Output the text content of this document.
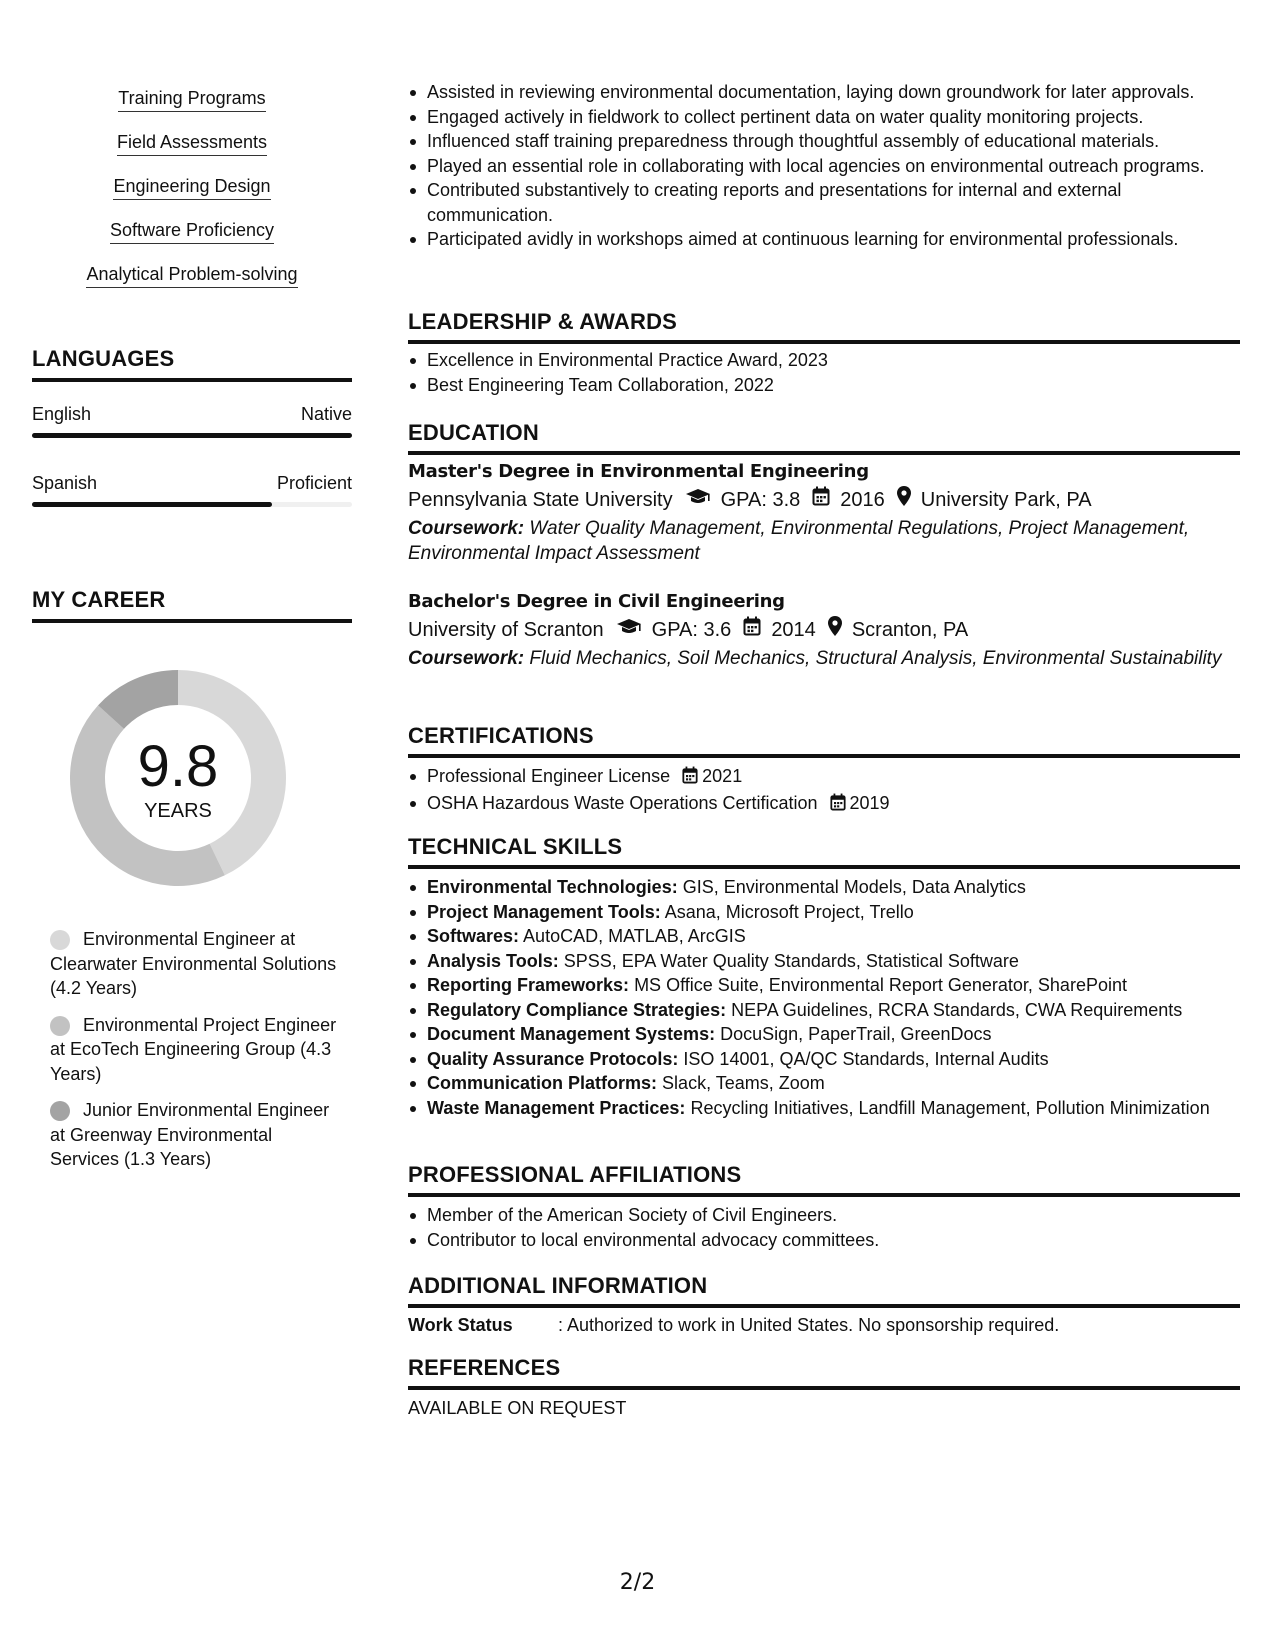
Training Programs
Field Assessments
Engineering Design
Software Proficiency
Analytical Problem-solving
LANGUAGES
English	Native
Spanish	Proficient
MY CAREER
9.8
YEARS
Environmental Engineer at Clearwater Environmental Solutions (4.2 Years)
Environmental Project Engineer at EcoTech Engineering Group (4.3 Years)
Junior Environmental Engineer at Greenway Environmental Services (1.3 Years)
Assisted in reviewing environmental documentation, laying down groundwork for later approvals.
Engaged actively in fieldwork to collect pertinent data on water quality monitoring projects.
Influenced staff training preparedness through thoughtful assembly of educational materials.
Played an essential role in collaborating with local agencies on environmental outreach programs.
Contributed substantively to creating reports and presentations for internal and external communication.
Participated avidly in workshops aimed at continuous learning for environmental professionals.
LEADERSHIP & AWARDS
Excellence in Environmental Practice Award, 2023
Best Engineering Team Collaboration, 2022
EDUCATION
Master's Degree in Environmental Engineering
Pennsylvania State University GPA: 3.8 2016 University Park, PA
Coursework: Water Quality Management, Environmental Regulations, Project Management, Environmental Impact Assessment
Bachelor's Degree in Civil Engineering
University of Scranton GPA: 3.6 2014 Scranton, PA
Coursework: Fluid Mechanics, Soil Mechanics, Structural Analysis, Environmental Sustainability
CERTIFICATIONS
Professional Engineer License 2021
OSHA Hazardous Waste Operations Certification 2019
TECHNICAL SKILLS
Environmental Technologies: GIS, Environmental Models, Data Analytics
Project Management Tools: Asana, Microsoft Project, Trello
Softwares: AutoCAD, MATLAB, ArcGIS
Analysis Tools: SPSS, EPA Water Quality Standards, Statistical Software
Reporting Frameworks: MS Office Suite, Environmental Report Generator, SharePoint
Regulatory Compliance Strategies: NEPA Guidelines, RCRA Standards, CWA Requirements
Document Management Systems: DocuSign, PaperTrail, GreenDocs
Quality Assurance Protocols: ISO 14001, QA/QC Standards, Internal Audits
Communication Platforms: Slack, Teams, Zoom
Waste Management Practices: Recycling Initiatives, Landfill Management, Pollution Minimization
PROFESSIONAL AFFILIATIONS
Member of the American Society of Civil Engineers.
Contributor to local environmental advocacy committees.
ADDITIONAL INFORMATION
Work Status	: Authorized to work in United States. No sponsorship required.
REFERENCES
AVAILABLE ON REQUEST
2/2
